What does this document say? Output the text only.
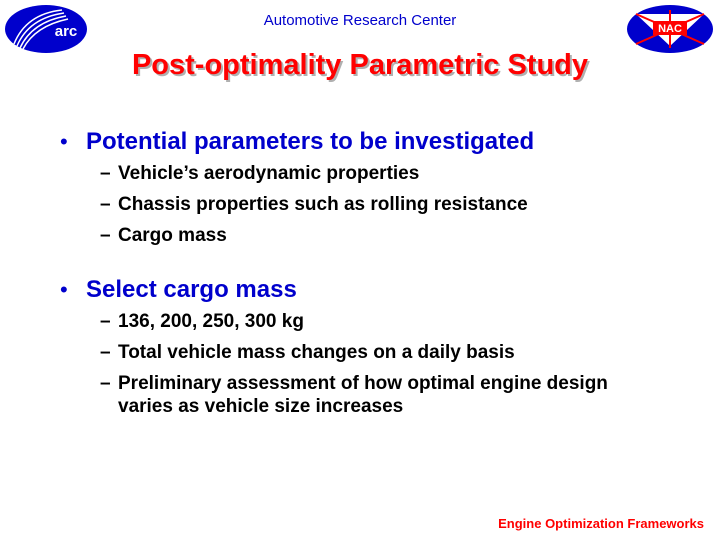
arc
Automotive Research Center	NAC
Post-optimality Parametric Study
• Potential parameters to be investigated
– Vehicle’s aerodynamic properties
– Chassis properties such as rolling resistance
– Cargo mass
• Select cargo mass
– 136, 200, 250, 300 kg
– Total vehicle mass changes on a daily basis
– Preliminary assessment of how optimal engine design varies as vehicle size increases
Engine Optimization Frameworks
